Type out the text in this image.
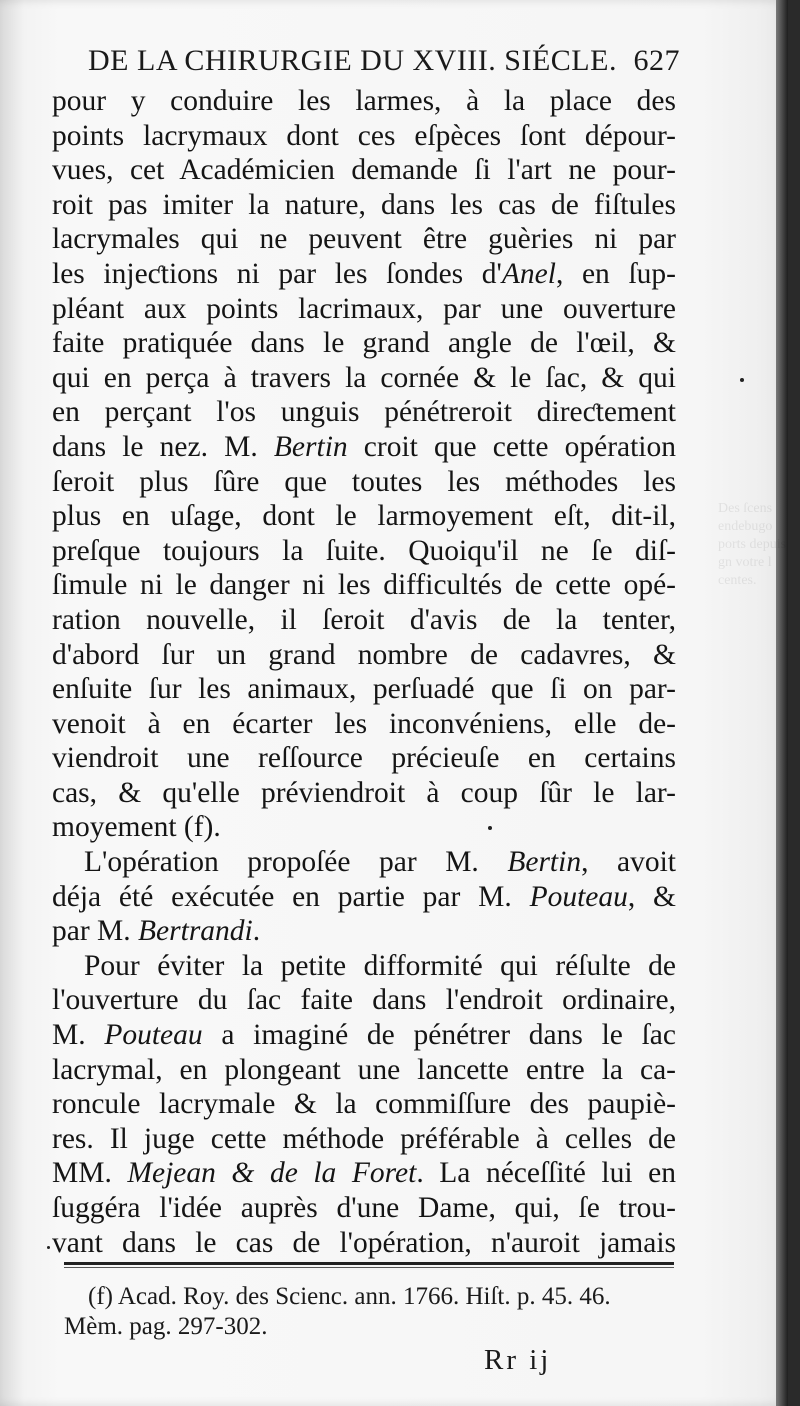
Des ſcens endebugo ports depuis gn votre l centes.
DE LA CHIRURGIE DU XVIII. SIÉCLE. 627
pour y conduire les larmes, à la place des
points lacrymaux dont ces eſpèces ſont dépour-
vues, cet Académicien demande ſi l'art ne pour-
roit pas imiter la nature, dans les cas de fiſtules
lacrymales qui ne peuvent être guèries ni par
les injeƈtions ni par les ſondes d'Anel, en ſup-
pléant aux points lacrimaux, par une ouverture
faite pratiquée dans le grand angle de l'œil, &
qui en perça à travers la cornée & le ſac, & qui
en perçant l'os unguis pénétreroit direƈtement
dans le nez. M. Bertin croit que cette opération
ſeroit plus ſûre que toutes les méthodes les
plus en uſage, dont le larmoyement eſt, dit-il,
preſque toujours la ſuite. Quoiqu'il ne ſe diſ-
ſimule ni le danger ni les difficultés de cette opé-
ration nouvelle, il ſeroit d'avis de la tenter,
d'abord ſur un grand nombre de cadavres, &
enſuite ſur les animaux, perſuadé que ſi on par-
venoit à en écarter les inconvéniens, elle de-
viendroit une reſſource précieuſe en certains
cas, & qu'elle préviendroit à coup ſûr le lar-
moyement (f).
L'opération propoſée par M. Bertin, avoit
déja été exécutée en partie par M. Pouteau, &
par M. Bertrandi.
Pour éviter la petite difformité qui réſulte de
l'ouverture du ſac faite dans l'endroit ordinaire,
M. Pouteau a imaginé de pénétrer dans le ſac
lacrymal, en plongeant une lancette entre la ca-
roncule lacrymale & la commiſſure des paupiè-
res. Il juge cette méthode préférable à celles de
MM. Mejean & de la Foret. La néceſſité lui en
ſuggéra l'idée auprès d'une Dame, qui, ſe trou-
vant dans le cas de l'opération, n'auroit jamais
(f) Acad. Roy. des Scienc. ann. 1766. Hiſt. p. 45. 46.
Mèm. pag. 297-302.
Rr ij
